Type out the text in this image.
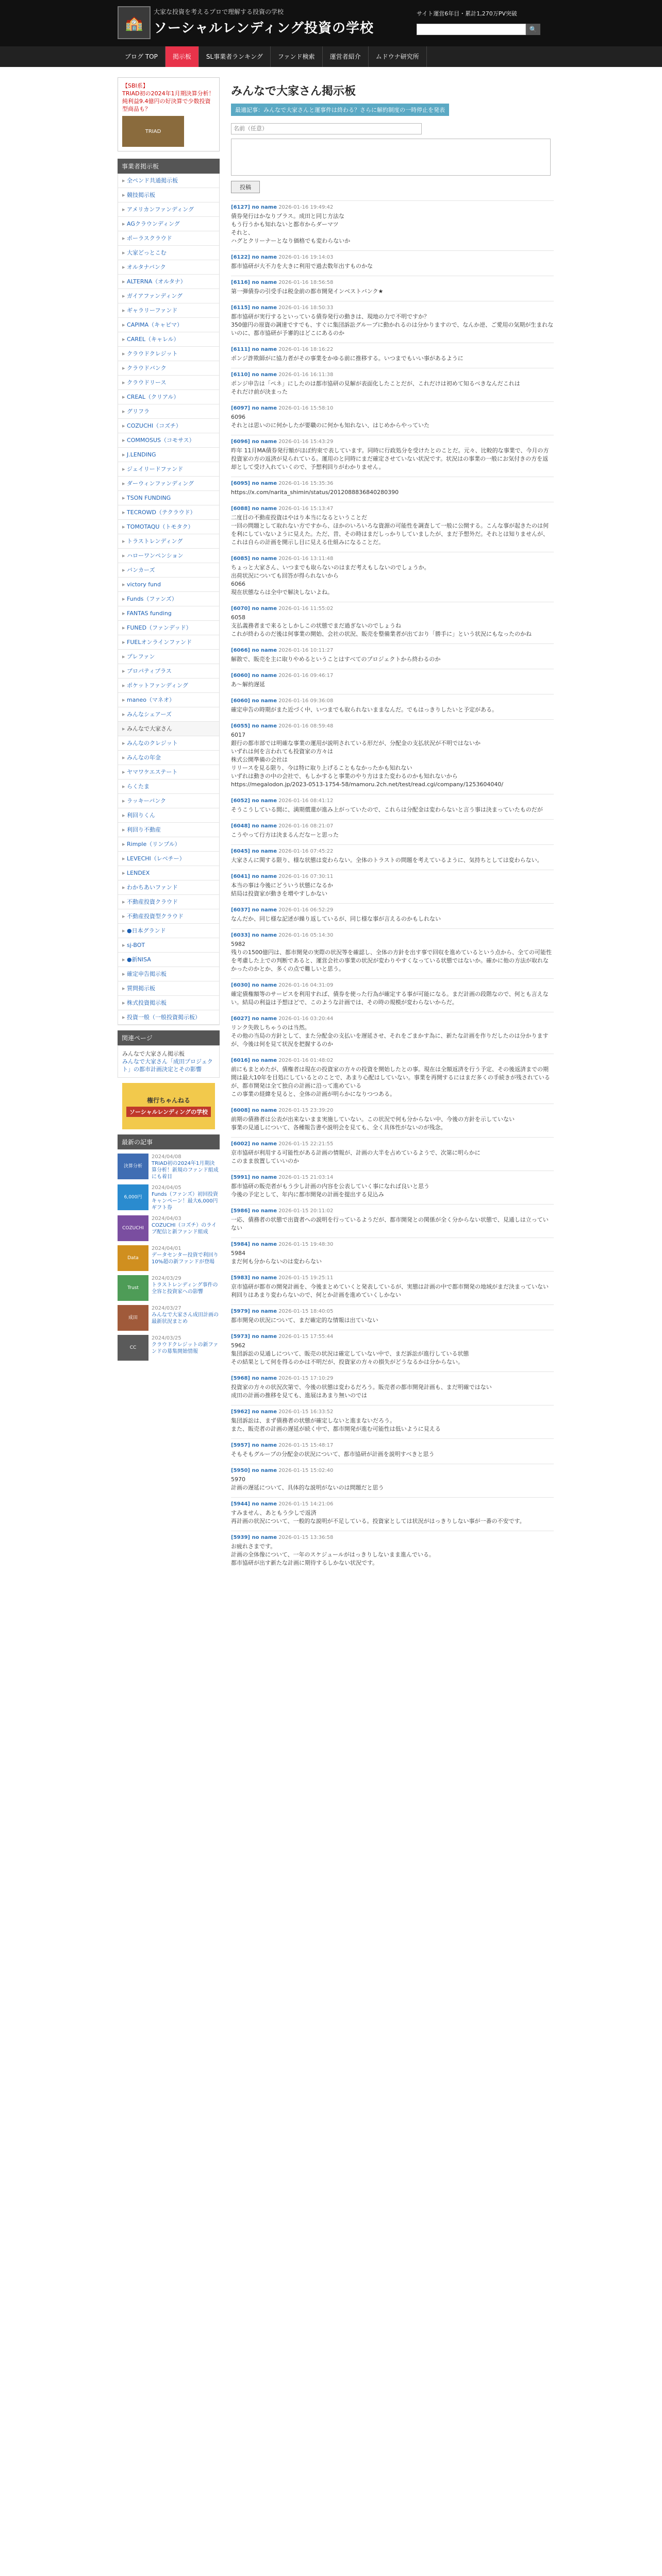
🏫
大家な投資を考えるプロで理解する投資の学校
ソーシャルレンディング投資の学校
サイト運営6年目・累計1,270万PV突破
🔍
ブログ TOP	掲示板	SL事業者ランキング	ファンド検索	運営者紹介	ムドウナ研究所
【SBI系】
TRIAD初の2024年1月期決算分析！純利益9.4億円の好決算で少数投資型商品も？
TRIAD
事業者掲示板
▸ 全ペンド共通掲示板
▸ 競技掲示板
▸ アメリカンファンディング
▸ AGクラウンディング
▸ ポーラスクラウド
▸ 大家どっとこむ
▸ オルタナバンク
▸ ALTERNA（オルタナ）
▸ ガイアファンディング
▸ ギャラリーファンド
▸ CAPIMA（キャピマ）
▸ CAREL（キャレル）
▸ クラウドクレジット
▸ クラウドバンク
▸ クラウドリース
▸ CREAL（クリアル）
▸ グリフラ
▸ COZUCHI（コズチ）
▸ COMMOSUS（コモサス）
▸ J.LENDING
▸ ジェイリードファンド
▸ ダーウィンファンディング
▸ TSON FUNDING
▸ TECROWD（テクラウド）
▸ TOMOTAQU（トモタク）
▸ トラストレンディング
▸ ハローワンペンション
▸ バンカーズ
▸ victory fund
▸ Funds（ファンズ）
▸ FANTAS funding
▸ FUNED（ファンデッド）
▸ FUELオンラインファンド
▸ プレファン
▸ プロパティプラス
▸ ポケットファンディング
▸ maneo（マネオ）
▸ みんなシェアーズ
▸ みんなで大家さん
▸ みんなのクレジット
▸ みんなの年金
▸ ヤマワケエステート
▸ らくたま
▸ ラッキーバンク
▸ 利回りくん
▸ 利回り不動産
▸ Rimple（リンプル）
▸ LEVECHI（レベチー）
▸ LENDEX
▸ わかちあいファンド
▸ 不動産投資クラウド
▸ 不動産投資型クラウド
▸ ●日本グランド
▸ sj-BOT
▸ ●新NISA
▸ 確定申告掲示板
▸ 質問掲示板
▸ 株式投資掲示板
▸ 投資一般（一般投資掲示板）
関連ページ
みんなで大家さん掲示板
みんなで大家さん「成田プロジェクト」の都市計画決定とその影響
権行ちゃんねる
ソーシャルレンディングの学校
最新の記事
決算分析
2024/04/08
TRIAD初の2024年1月期決算分析！新規のファンド組成にも着目
6,000円
2024/04/05
Funds（ファンズ）初回投資キャンペーン！最大6,000円ギフト券
COZUCHI
2024/04/03
COZUCHI（コズチ）のライブ配信と新ファンド組成
Data
2024/04/01
データセンター投資で利回り10%超の新ファンドが登場
Trust
2024/03/29
トラストレンディング事件の全容と投資家への影響
成田
2024/03/27
みんなで大家さん成田計画の最新状況まとめ
CC
2024/03/25
クラウドクレジットの新ファンドの募集開始情報
みんなで大家さん掲示板
最適記事：みんなで大家さんと運事件は終わる？さらに解約制度の一時停止を発表
名前（任意）
投稿
[6127] no name 2026-01-16 19:49:42
債券発行はかなりプラス。成田と同じ方法な
もう行うかも知れないと都市からダーマツ
それと、
ハグとクリーナーとなり価格でも変わらないか
[6122] no name 2026-01-16 19:14:03
都市協研が大不力を大きに利用で過去数年出すものかな
[6116] no name 2026-01-16 18:56:58
第一弾債券の引受手は税金前の都市開発インベストバンク★
[6115] no name 2026-01-16 18:50:33
都市協研が実行するといっている債券発行の動きは、現地の力で不明ですか？
350億円の原資の調達ですでも、すぐに集団訴訟グループに動かれるのは分かりますので、なんか逆、ご愛用の気期が生まれないのに、都市協研が予審的はどこにあるのか
[6111] no name 2026-01-16 18:16:22
ポンジ詐欺師がに協力者がその事業をかゆる前に推移する。いつまでもいい事があるように
[6110] no name 2026-01-16 16:11:38
ポンジ申告は「ペネ」にしたのは都市協研の見解が表面化したことだが、これだけは初めて知るべきなんだこれは
それだけ前が決まった
[6097] no name 2026-01-16 15:58:10
6096
それとは思いのに何かしたが要職のに何かも知れない、はじめからやっていた
[6096] no name 2026-01-16 15:43:29
昨年 11月MA債券発行額がほぼ約束で表しています。同時に行政処分を受けたとのことだ。元々、比較的な事業で、今月の方投資家の方の返済が見られている。運用のと同時にまだ確定させていない状況です。状況はの事業の一般にお気付きの方を返却として受け入れていくので、予想利回りがわかりません。
[6095] no name 2026-01-16 15:35:36
https://x.com/narita_shimin/status/2012088836840280390
[6088] no name 2026-01-16 15:13:47
二度目の不動産投資はやはり本当になるということだ
一回の問題として取れない方ですから、ほかのいろいろな資源の可能性を調査して一般に公開する。こんな事が起きたのは何を利にしていないように見えた。ただ、昔、その時はまだしっかりしていましたが、まだ予想外だ。それとは知りませんが、これは自らの計画を開示し目に見える仕組みになることだ。
[6085] no name 2026-01-16 13:11:48
ちょっと大家さん、いつまでも取らないのはまだ考えもしないのでしょうか。
出荷状況についても回答が得られないから
6066
現在状態ならは全中で解決しないよね。
[6070] no name 2026-01-16 11:55:02
6058
支払義務者まで来るとしかしこの状態でまだ過ぎないのでしょうね
これが終わるのだ後は何事業の開始、会社の状況、販売を整備業者が出ており「勝手に」という状況にもなったのかね
[6066] no name 2026-01-16 10:11:27
解散で、販売を主に取りやめるということはすべてのプロジェクトから終わるのか
[6060] no name 2026-01-16 09:46:17
あ〜解約遅延
[6060] no name 2026-01-16 09:36:08
確定申告の時期がまた近づく中、いつまでも取られないままなんだ。でもはっきりしたいと予定がある。
[6055] no name 2026-01-16 08:59:48
6017
銀行の都市部では明確な事業の運用が説明されている形だが、分配金の支払状況が不明ではないか
いずれは何を言われても投資家の方々は
株式公開準備の会社は
リリースを見る限り、今は特に取り上げることもなかったかも知れない
いずれは動きの中の会社で、もしかすると事業のやり方はまた変わるのかも知れないから
https://megalodon.jp/2023-0513-1754-58/mamoru.2ch.net/test/read.cgi/company/1253604040/
[6052] no name 2026-01-16 08:41:12
そうこうしている間に、満期償還が進み上がっていたので、これらは分配金は変わらないと言う事は決まっていたものだが
[6048] no name 2026-01-16 08:21:07
こうやって行方は決まるんだなーと思った
[6045] no name 2026-01-16 07:45:22
大家さんに関する限り、様な状態は変わらない。全体のトラストの問題を考えているように、気持ちとしては変わらない。
[6041] no name 2026-01-16 07:30:11
本当の事は今後にどういう状態になるか
結局は投資家が動きを増やすしかない
[6037] no name 2026-01-16 06:52:29
なんだか、同じ様な記述が繰り返しているが、同じ様な事が言えるのかもしれない
[6033] no name 2026-01-16 05:14:30
5982
残りの1500億円は、都市開発の実際の状況等を確認し、全体の方針を出す事で回収を進めているという点から、全ての可能性を考慮した上での判断であると、運営会社の事業の状況が変わりやすくなっている状態ではないか。確かに他の方法が取れなかったのかとか、多くの点で難しいと思う。
[6030] no name 2026-01-16 04:31:09
確定債権額等のサービスを利用すれば、債券を使った行為が確定する事が可能になる。まだ計画の段階なので、何とも言えない。結局の利益は予想ほどで、このような計画では、その時の規模が変わらないからだ。
[6027] no name 2026-01-16 03:20:44
リンク失敗しちゃうのは当然。
その他の当局の方針として、また分配金の支払いを遅延させ、それをごまかす為に、新たな計画を作りだしたのは分かりますが、今後は何を見て状況を把握するのか
[6016] no name 2026-01-16 01:48:02
前にもまとめたが、債権者は現在の投資家の方々の投資を開始したとの事。現在は全額返済を行う予定、その後返済までの期間は最大10年を目処にしているとのことで、あまり心配はしていない。事業を再開するにはまだ多くの手続きが残されているが、都市開発は全て独自の計画に沿って進めている
この事業の経緯を見ると、全体の計画が明らかになりつつある。
[6008] no name 2026-01-15 23:39:20
前期の債務者は公表が出来ないまま実施していない。この状況で何も分からない中、今後の方針を示していない
事業の見通しについて、各種報告書や説明会を見ても、全く具体性がないのが残念。
[6002] no name 2026-01-15 22:21:55
京市協研が利用する可能性がある計画の情報が、計画の大半を占めているようで、次第に明らかに
このまま放置していいのか
[5991] no name 2026-01-15 21:03:14
都市協研の販売者がもう少し計画の内容を公表していく事になれば良いと思う
今後の予定として、年内に都市開発の計画を提出する見込み
[5986] no name 2026-01-15 20:11:02
一応、債務者の状態で出資者への説明を行っているようだが、都市開発との関係が全く分からない状態で、見通しは立っていない
[5984] no name 2026-01-15 19:48:30
5984
まだ何も分からないのは変わらない
[5983] no name 2026-01-15 19:25:11
京市協研が都市の開発計画を、今後まとめていくと発表しているが、実態は計画の中で都市開発の地域がまだ決まっていない
利回りはあまり変わらないので、何とか計画を進めていくしかない
[5979] no name 2026-01-15 18:40:05
都市開発の状況について、まだ確定的な情報は出ていない
[5973] no name 2026-01-15 17:55:44
5962
集団訴訟の見通しについて、販売の状況は確定していない中で、まだ訴訟が進行している状態
その結果として何を得るのかは不明だが、投資家の方々の損失がどうなるかは分からない。
[5968] no name 2026-01-15 17:10:29
投資家の方々の状況次第で、今後の状態は変わるだろう。販売者の都市開発計画も、まだ明確ではない
成田の計画の推移を見ても、進展はあまり無いのでは
[5962] no name 2026-01-15 16:33:52
集団訴訟は、まず債務者の状態が確定しないと進まないだろう。
また、販売者の計画の遅延が続く中で、都市開発が進む可能性は低いように見える
[5957] no name 2026-01-15 15:48:17
そもそもグループの分配金の状況について、都市協研が計画を説明すべきと思う
[5950] no name 2026-01-15 15:02:40
5970
計画の遅延について、具体的な説明がないのは問題だと思う
[5944] no name 2026-01-15 14:21:06
すみません、あともう少しで返済
再計画の状況について、一般的な説明が不足している。投資家としては状況がはっきりしない事が一番の不安です。
[5939] no name 2026-01-15 13:36:58
お疲れさまです。
計画の全体像について、一年のスケジュールがはっきりしないまま進んでいる。
都市協研が出す新たな計画に期待するしかない状況です。
